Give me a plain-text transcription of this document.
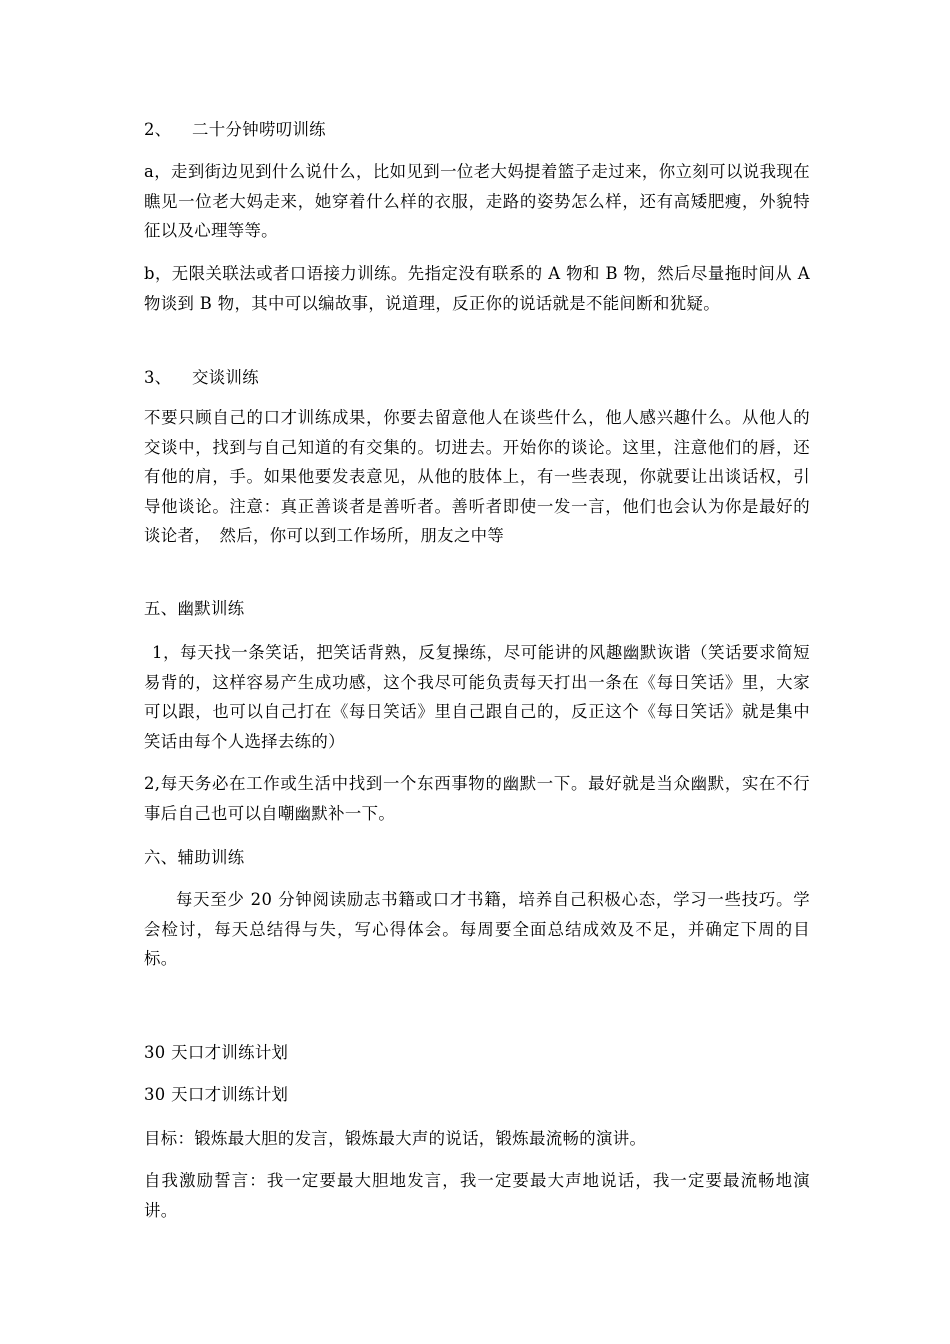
2、 二十分钟唠叨训练

a，走到街边见到什么说什么，比如见到一位老大妈提着篮子走过来，你立刻可以说我现在瞧见一位老大妈走来，她穿着什么样的衣服，走路的姿势怎么样，还有高矮肥瘦，外貌特征以及心理等等。

b，无限关联法或者口语接力训练。先指定没有联系的 A 物和 B 物，然后尽量拖时间从 A 物谈到 B 物，其中可以编故事，说道理，反正你的说话就是不能间断和犹疑。

3、 交谈训练

不要只顾自己的口才训练成果，你要去留意他人在谈些什么，他人感兴趣什么。从他人的交谈中，找到与自己知道的有交集的。切进去。开始你的谈论。这里，注意他们的唇，还有他的肩，手。如果他要发表意见，从他的肢体上，有一些表现，你就要让出谈话权，引导他谈论。注意：真正善谈者是善听者。善听者即使一发一言，他们也会认为你是最好的谈论者，　然后，你可以到工作场所，朋友之中等

五、幽默训练

1，每天找一条笑话，把笑话背熟，反复操练，尽可能讲的风趣幽默诙谐（笑话要求简短易背的，这样容易产生成功感，这个我尽可能负责每天打出一条在《每日笑话》里，大家可以跟，也可以自己打在《每日笑话》里自己跟自己的，反正这个《每日笑话》就是集中笑话由每个人选择去练的）

2,每天务必在工作或生活中找到一个东西事物的幽默一下。最好就是当众幽默，实在不行事后自己也可以自嘲幽默补一下。

六、辅助训练

每天至少 20 分钟阅读励志书籍或口才书籍，培养自己积极心态，学习一些技巧。学会检讨，每天总结得与失，写心得体会。每周要全面总结成效及不足，并确定下周的目标。

30 天口才训练计划

30 天口才训练计划

目标：锻炼最大胆的发言，锻炼最大声的说话，锻炼最流畅的演讲。

自我激励誓言：我一定要最大胆地发言，我一定要最大声地说话，我一定要最流畅地演讲。
